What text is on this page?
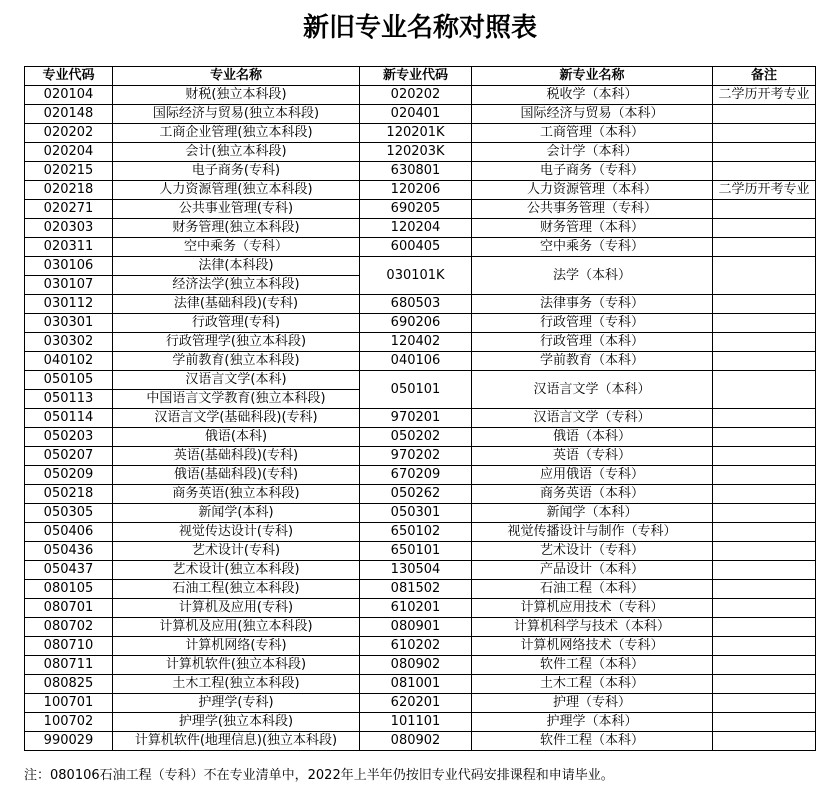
新旧专业名称对照表
专业代码	专业名称	新专业代码	新专业名称	备注
020104	财税(独立本科段)	020202	税收学（本科）	二学历开考专业
020148	国际经济与贸易(独立本科段)	020401	国际经济与贸易（本科）	
020202	工商企业管理(独立本科段)	120201K	工商管理（本科）	
020204	会计(独立本科段)	120203K	会计学（本科）	
020215	电子商务(专科)	630801	电子商务（专科）	
020218	人力资源管理(独立本科段)	120206	人力资源管理（本科）	二学历开考专业
020271	公共事业管理(专科)	690205	公共事务管理（专科）	
020303	财务管理(独立本科段)	120204	财务管理（本科）	
020311	空中乘务（专科）	600405	空中乘务（专科）	
030106	法律(本科段)	030101K	法学（本科）	
030107	经济法学(独立本科段)			
030112	法律(基础科段)(专科)	680503	法律事务（专科）	
030301	行政管理(专科)	690206	行政管理（专科）	
030302	行政管理学(独立本科段)	120402	行政管理（本科）	
040102	学前教育(独立本科段)	040106	学前教育（本科）	
050105	汉语言文学(本科)	050101	汉语言文学（本科）	
050113	中国语言文学教育(独立本科段)			
050114	汉语言文学(基础科段)(专科)	970201	汉语言文学（专科）	
050203	俄语(本科)	050202	俄语（本科）	
050207	英语(基础科段)(专科)	970202	英语（专科）	
050209	俄语(基础科段)(专科)	670209	应用俄语（专科）	
050218	商务英语(独立本科段)	050262	商务英语（本科）	
050305	新闻学(本科)	050301	新闻学（本科）	
050406	视觉传达设计(专科)	650102	视觉传播设计与制作（专科）	
050436	艺术设计(专科)	650101	艺术设计（专科）	
050437	艺术设计(独立本科段)	130504	产品设计（本科）	
080105	石油工程(独立本科段)	081502	石油工程（本科）	
080701	计算机及应用(专科)	610201	计算机应用技术（专科）	
080702	计算机及应用(独立本科段)	080901	计算机科学与技术（本科）	
080710	计算机网络(专科)	610202	计算机网络技术（专科）	
080711	计算机软件(独立本科段)	080902	软件工程（本科）	
080825	土木工程(独立本科段)	081001	土木工程（本科）	
100701	护理学(专科)	620201	护理（专科）	
100702	护理学(独立本科段)	101101	护理学（本科）	
990029	计算机软件(地理信息)(独立本科段)	080902	软件工程（本科）	
注：080106石油工程（专科）不在专业清单中，2022年上半年仍按旧专业代码安排课程和申请毕业。
